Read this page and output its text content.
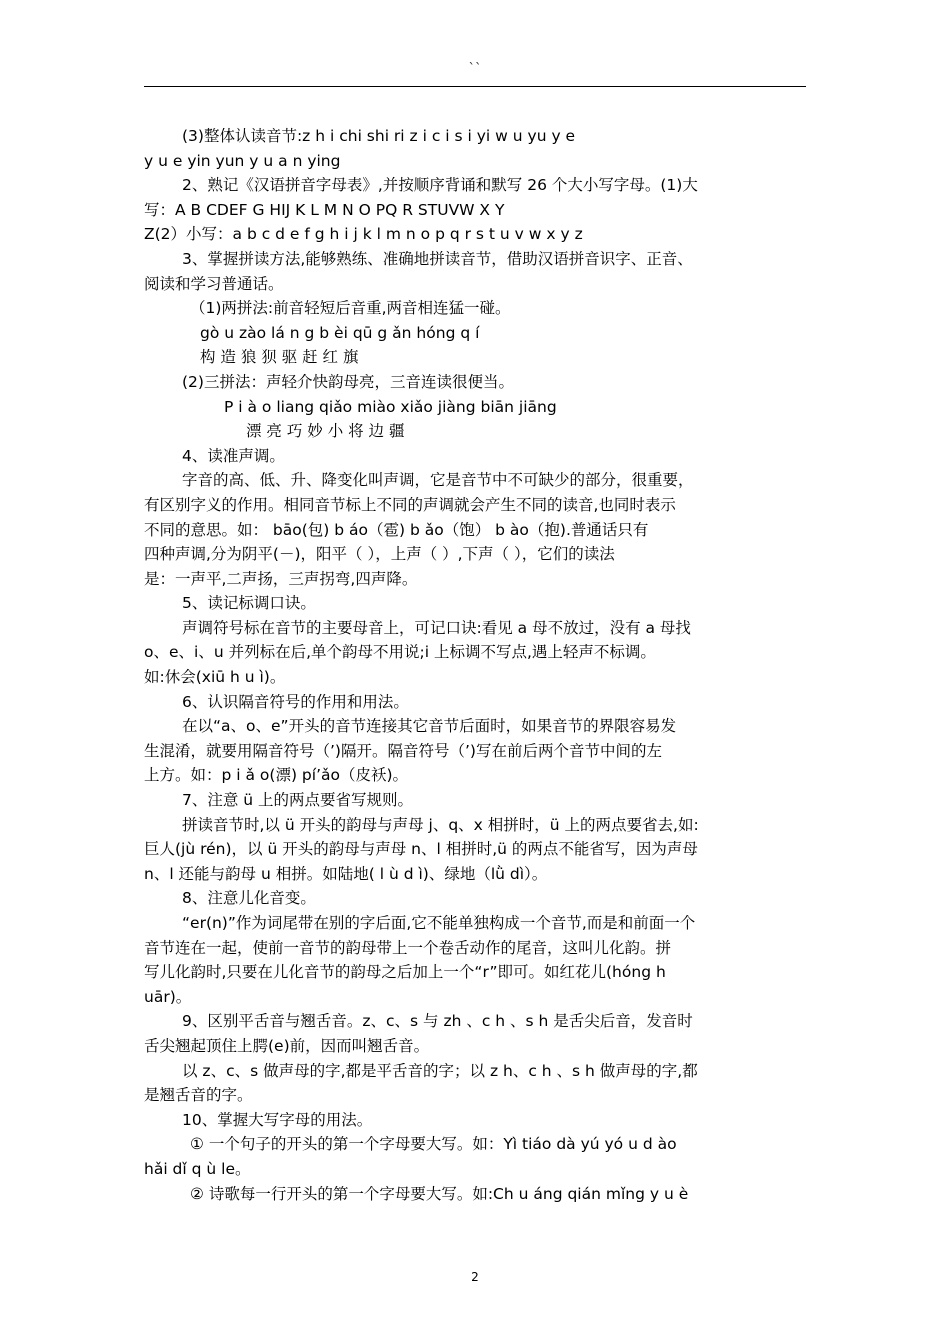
``

(3)整体认读音节:z h i chi shi ri z i c i s i yi w u yu y e

y u e yin yun y u a n ying

2、熟记《汉语拼音字母表》,并按顺序背诵和默写 26 个大小写字母。(1)大

写：A B CDEF G HIJ K L M N O PQ R STUVW X Y

Z(2）小写：a b c d e f g h i j k l m n o p q r s t u v w x y z

3、掌握拼读方法,能够熟练、准确地拼读音节，借助汉语拼音识字、正音、

阅读和学习普通话。

（1)两拼法:前音轻短后音重,两音相连猛一碰。

gò u zào lá n g b èi qū g ǎn hóng q í

构 造 狼 狈 驱 赶 红 旗

(2)三拼法：声轻介快韵母亮，三音连读很便当。

P i à o liang qiǎo miào xiǎo jiàng biān jiāng

漂 亮 巧 妙 小 将 边 疆

4、读准声调。

字音的高、低、升、降变化叫声调，它是音节中不可缺少的部分，很重要，

有区别字义的作用。相同音节标上不同的声调就会产生不同的读音,也同时表示

不同的意思。如： bāo(包) b áo（雹) b ǎo（饱） b ào（抱).普通话只有

四种声调,分为阴平(－)，阳平（ ），上声（ ）,下声（ ），它们的读法

是：一声平,二声扬，三声拐弯,四声降。

5、读记标调口诀。

声调符号标在音节的主要母音上，可记口诀:看见 a 母不放过，没有 a 母找

o、e、i、u 并列标在后,单个韵母不用说;i 上标调不写点,遇上轻声不标调。

如:休会(xiū h u ì)。

6、认识隔音符号的作用和用法。

在以“a、o、e”开头的音节连接其它音节后面时，如果音节的界限容易发

生混淆，就要用隔音符号（’)隔开。隔音符号（’)写在前后两个音节中间的左

上方。如：p i ǎ o(漂) pí’ǎo（皮袄)。

7、注意 ü 上的两点要省写规则。

拼读音节时,以 ü 开头的韵母与声母 j、q、x 相拼时，ü 上的两点要省去,如:

巨人(jù rén)，以 ü 开头的韵母与声母 n、l 相拼时,ü 的两点不能省写，因为声母

n、l 还能与韵母 u 相拼。如陆地( l ù d ì)、绿地（lǜ dì）。

8、注意儿化音变。

“er(n)”作为词尾带在别的字后面,它不能单独构成一个音节,而是和前面一个

音节连在一起，使前一音节的韵母带上一个卷舌动作的尾音，这叫儿化韵。拼

写儿化韵时,只要在儿化音节的韵母之后加上一个“r”即可。如红花儿(hóng h

uār)。

9、区别平舌音与翘舌音。z、c、s 与 zh 、c h 、s h 是舌尖后音，发音时

舌尖翘起顶住上腭(e)前，因而叫翘舌音。

以 z、c、s 做声母的字,都是平舌音的字；以 z h、c h 、s h 做声母的字,都

是翘舌音的字。

10、掌握大写字母的用法。

① 一个句子的开头的第一个字母要大写。如：Yì tiáo dà yú yó u d ào

hǎi dǐ q ù le。

② 诗歌每一行开头的第一个字母要大写。如:Ch u áng qián mǐng y u è

2
